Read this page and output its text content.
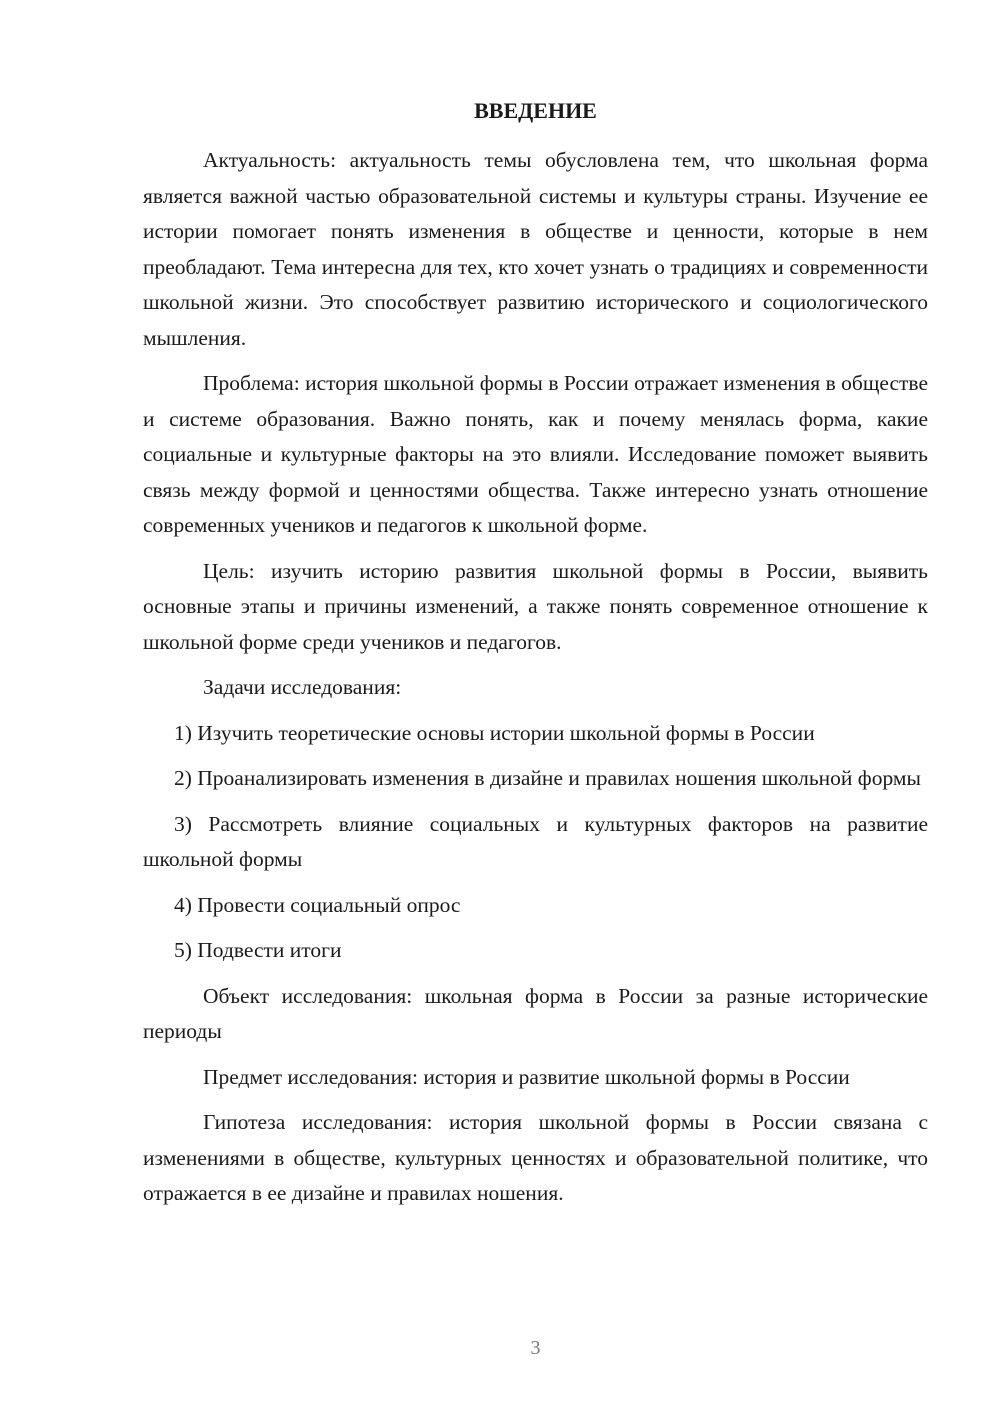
ВВЕДЕНИЕ

Актуальность: актуальность темы обусловлена тем, что школьная форма является важной частью образовательной системы и культуры страны. Изучение ее истории помогает понять изменения в обществе и ценности, которые в нем преобладают. Тема интересна для тех, кто хочет узнать о традициях и современности школьной жизни. Это способствует развитию исторического и социологического мышления.

Проблема: история школьной формы в России отражает изменения в обществе и системе образования. Важно понять, как и почему менялась форма, какие социальные и культурные факторы на это влияли. Исследование поможет выявить связь между формой и ценностями общества. Также интересно узнать отношение современных учеников и педагогов к школьной форме.

Цель: изучить историю развития школьной формы в России, выявить основные этапы и причины изменений, а также понять современное отношение к школьной форме среди учеников и педагогов.

Задачи исследования:

1) Изучить теоретические основы истории школьной формы в России

2) Проанализировать изменения в дизайне и правилах ношения школьной формы

3) Рассмотреть влияние социальных и культурных факторов на развитие школьной формы

4) Провести социальный опрос

5) Подвести итоги

Объект исследования: школьная форма в России за разные исторические периоды

Предмет исследования: история и развитие школьной формы в России

Гипотеза исследования: история школьной формы в России связана с изменениями в обществе, культурных ценностях и образовательной политике, что отражается в ее дизайне и правилах ношения.

3
